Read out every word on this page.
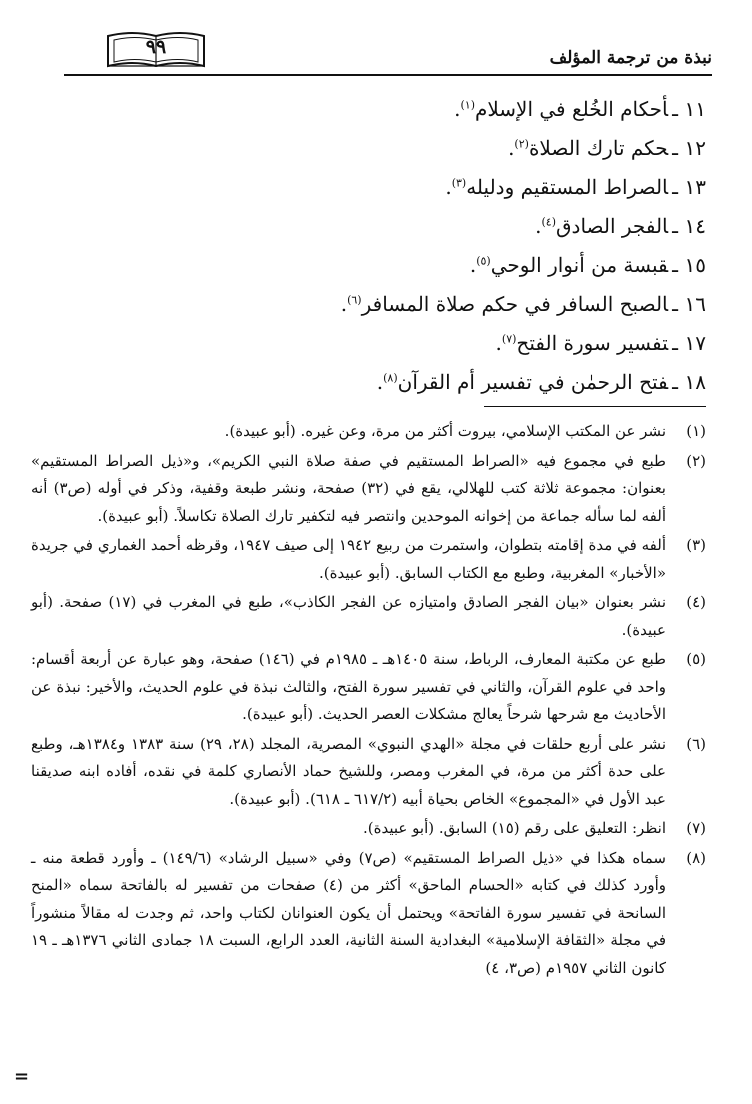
نبذة من ترجمة المؤلف
٩٩
١١ـأحكام الخُلع في الإسلام$^{(١)}$.
١٢ـحكم تارك الصلاة$^{(٢)}$.
١٣ـالصراط المستقيم ودليله$^{(٣)}$.
١٤ـالفجر الصادق$^{(٤)}$.
١٥ـقبسة من أنوار الوحي$^{(٥)}$.
١٦ـالصبح السافر في حكم صلاة المسافر$^{(٦)}$.
١٧ـتفسير سورة الفتح$^{(٧)}$.
١٨ـفتح الرحمٰن في تفسير أم القرآن$^{(٨)}$.
(١)
نشر عن المكتب الإسلامي، بيروت أكثر من مرة، وعن غيره. (أبو عبيدة).
(٢)
طبع في مجموع فيه «الصراط المستقيم في صفة صلاة النبي الكريم»، و«ذيل الصراط المستقيم» بعنوان: مجموعة ثلاثة كتب للهلالي، يقع في (٣٢) صفحة، ونشر طبعة وقفية، وذكر في أوله (ص٣) أنه ألفه لما سأله جماعة من إخوانه الموحدين وانتصر فيه لتكفير تارك الصلاة تكاسلاً. (أبو عبيدة).
(٣)
ألفه في مدة إقامته بتطوان، واستمرت من ربيع ١٩٤٢ إلى صيف ١٩٤٧، وقرظه أحمد الغماري في جريدة «الأخبار» المغربية، وطبع مع الكتاب السابق. (أبو عبيدة).
(٤)
نشر بعنوان «بيان الفجر الصادق وامتيازه عن الفجر الكاذب»، طبع في المغرب في (١٧) صفحة. (أبو عبيدة).
(٥)
طبع عن مكتبة المعارف، الرباط، سنة ١٤٠٥هـ ـ ١٩٨٥م في (١٤٦) صفحة، وهو عبارة عن أربعة أقسام: واحد في علوم القرآن، والثاني في تفسير سورة الفتح، والثالث نبذة في علوم الحديث، والأخير: نبذة عن الأحاديث مع شرحها شرحاً يعالج مشكلات العصر الحديث. (أبو عبيدة).
(٦)
نشر على أربع حلقات في مجلة «الهدي النبوي» المصرية، المجلد (٢٨، ٢٩) سنة ١٣٨٣ و١٣٨٤هـ، وطبع على حدة أكثر من مرة، في المغرب ومصر، وللشيخ حماد الأنصاري كلمة في نقده، أفاده ابنه صديقنا عبد الأول في «المجموع» الخاص بحياة أبيه (٦١٧/٢ ـ ٦١٨). (أبو عبيدة).
(٧)
انظر: التعليق على رقم (١٥) السابق. (أبو عبيدة).
(٨)
سماه هكذا في «ذيل الصراط المستقيم» (ص٧) وفي «سبيل الرشاد» (١٤٩/٦) ـ وأورد قطعة منه ـ وأورد كذلك في كتابه «الحسام الماحق» أكثر من (٤) صفحات من تفسير له بالفاتحة سماه «المنح السانحة في تفسير سورة الفاتحة» ويحتمل أن يكون العنوانان لكتاب واحد، ثم وجدت له مقالاً منشوراً في مجلة «الثقافة الإسلامية» البغدادية السنة الثانية، العدد الرابع، السبت ١٨ جمادى الثاني ١٣٧٦هـ ـ ١٩ كانون الثاني ١٩٥٧م (ص٣، ٤)
=
